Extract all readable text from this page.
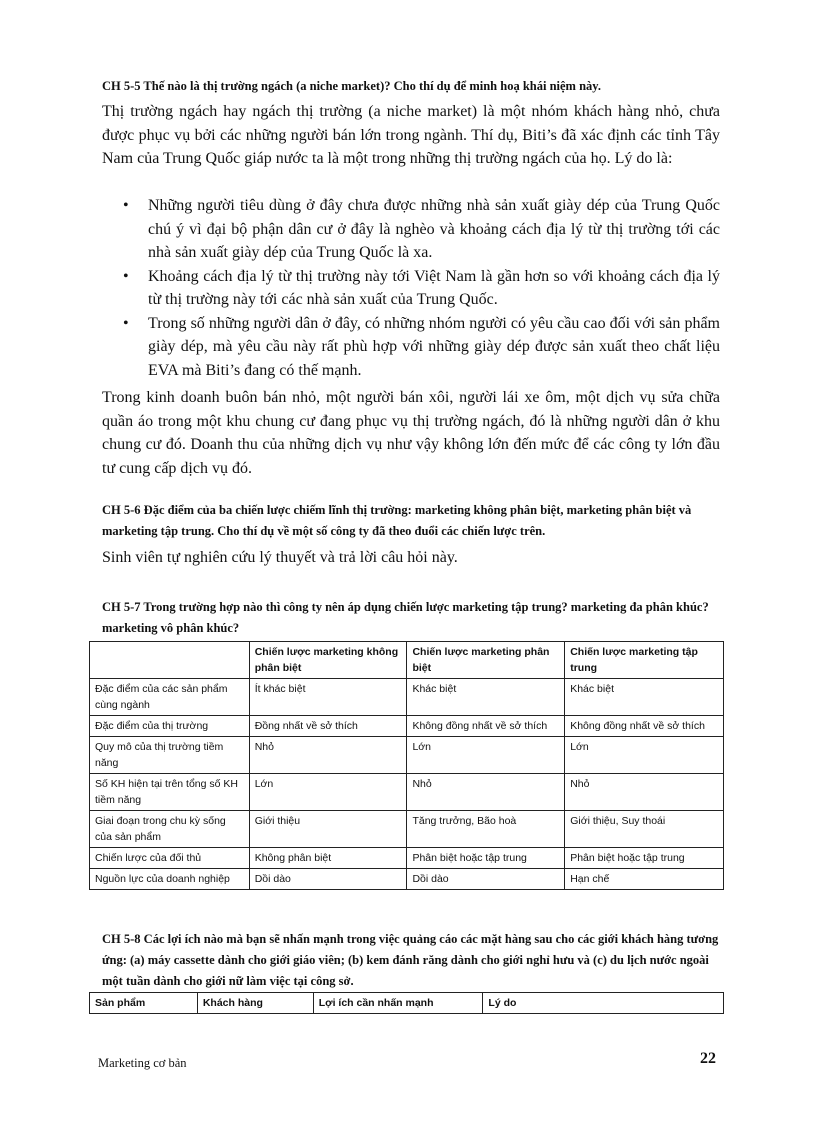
CH 5-5 Thế nào là thị trường ngách (a niche market)? Cho thí dụ để minh hoạ khái niệm này.

Thị trường ngách hay ngách thị trường (a niche market) là một nhóm khách hàng nhỏ, chưa được phục vụ bởi các những người bán lớn trong ngành. Thí dụ, Biti’s đã xác định các tỉnh Tây Nam của Trung Quốc giáp nước ta là một trong những thị trường ngách của họ. Lý do là:

• Những người tiêu dùng ở đây chưa được những nhà sản xuất giày dép của Trung Quốc chú ý vì đại bộ phận dân cư ở đây là nghèo và khoảng cách địa lý từ thị trường tới các nhà sản xuất giày dép của Trung Quốc là xa.
• Khoảng cách địa lý từ thị trường này tới Việt Nam là gần hơn so với khoảng cách địa lý từ thị trường này tới các nhà sản xuất của Trung Quốc.
• Trong số những người dân ở đây, có những nhóm người có yêu cầu cao đối với sản phẩm giày dép, mà yêu cầu này rất phù hợp với những giày dép được sản xuất theo chất liệu EVA mà Biti’s đang có thế mạnh.

Trong kinh doanh buôn bán nhỏ, một người bán xôi, người lái xe ôm, một dịch vụ sửa chữa quần áo trong một khu chung cư đang phục vụ thị trường ngách, đó là những người dân ở khu chung cư đó. Doanh thu của những dịch vụ như vậy không lớn đến mức để các công ty lớn đầu tư cung cấp dịch vụ đó.

CH 5-6 Đặc điểm của ba chiến lược chiếm lĩnh thị trường: marketing không phân biệt, marketing phân biệt và marketing tập trung. Cho thí dụ về một số công ty đã theo đuổi các chiến lược trên.

Sinh viên tự nghiên cứu lý thuyết và trả lời câu hỏi này.

CH 5-7 Trong trường hợp nào thì công ty nên áp dụng chiến lược marketing tập trung? marketing đa phân khúc? marketing vô phân khúc?
	Chiến lược marketing không phân biệt	Chiến lược marketing phân biệt	Chiến lược marketing tập trung
Đặc điểm của các sản phẩm cùng ngành	Ít khác biệt	Khác biệt	Khác biệt
Đặc điểm của thị trường	Đồng nhất về sở thích	Không đồng nhất về sở thích	Không đồng nhất về sở thích
Quy mô của thị trường tiềm năng	Nhỏ	Lớn	Lớn
Số KH hiện tại trên tổng số KH tiềm năng	Lớn	Nhỏ	Nhỏ
Giai đoạn trong chu kỳ sống của sản phẩm	Giới thiệu	Tăng trưởng, Bão hoà	Giới thiệu, Suy thoái
Chiến lược của đối thủ	Không phân biệt	Phân biệt hoặc tập trung	Phân biệt hoặc tập trung
Nguồn lực của doanh nghiệp	Dồi dào	Dồi dào	Hạn chế
CH 5-8 Các lợi ích nào mà bạn sẽ nhấn mạnh trong việc quảng cáo các mặt hàng sau cho các giới khách hàng tương ứng: (a) máy cassette dành cho giới giáo viên; (b) kem đánh răng dành cho giới nghỉ hưu và (c) du lịch nước ngoài một tuần dành cho giới nữ làm việc tại công sở.
Sản phẩm	Khách hàng	Lợi ích cần nhấn mạnh	Lý do
Marketing cơ bản	22
